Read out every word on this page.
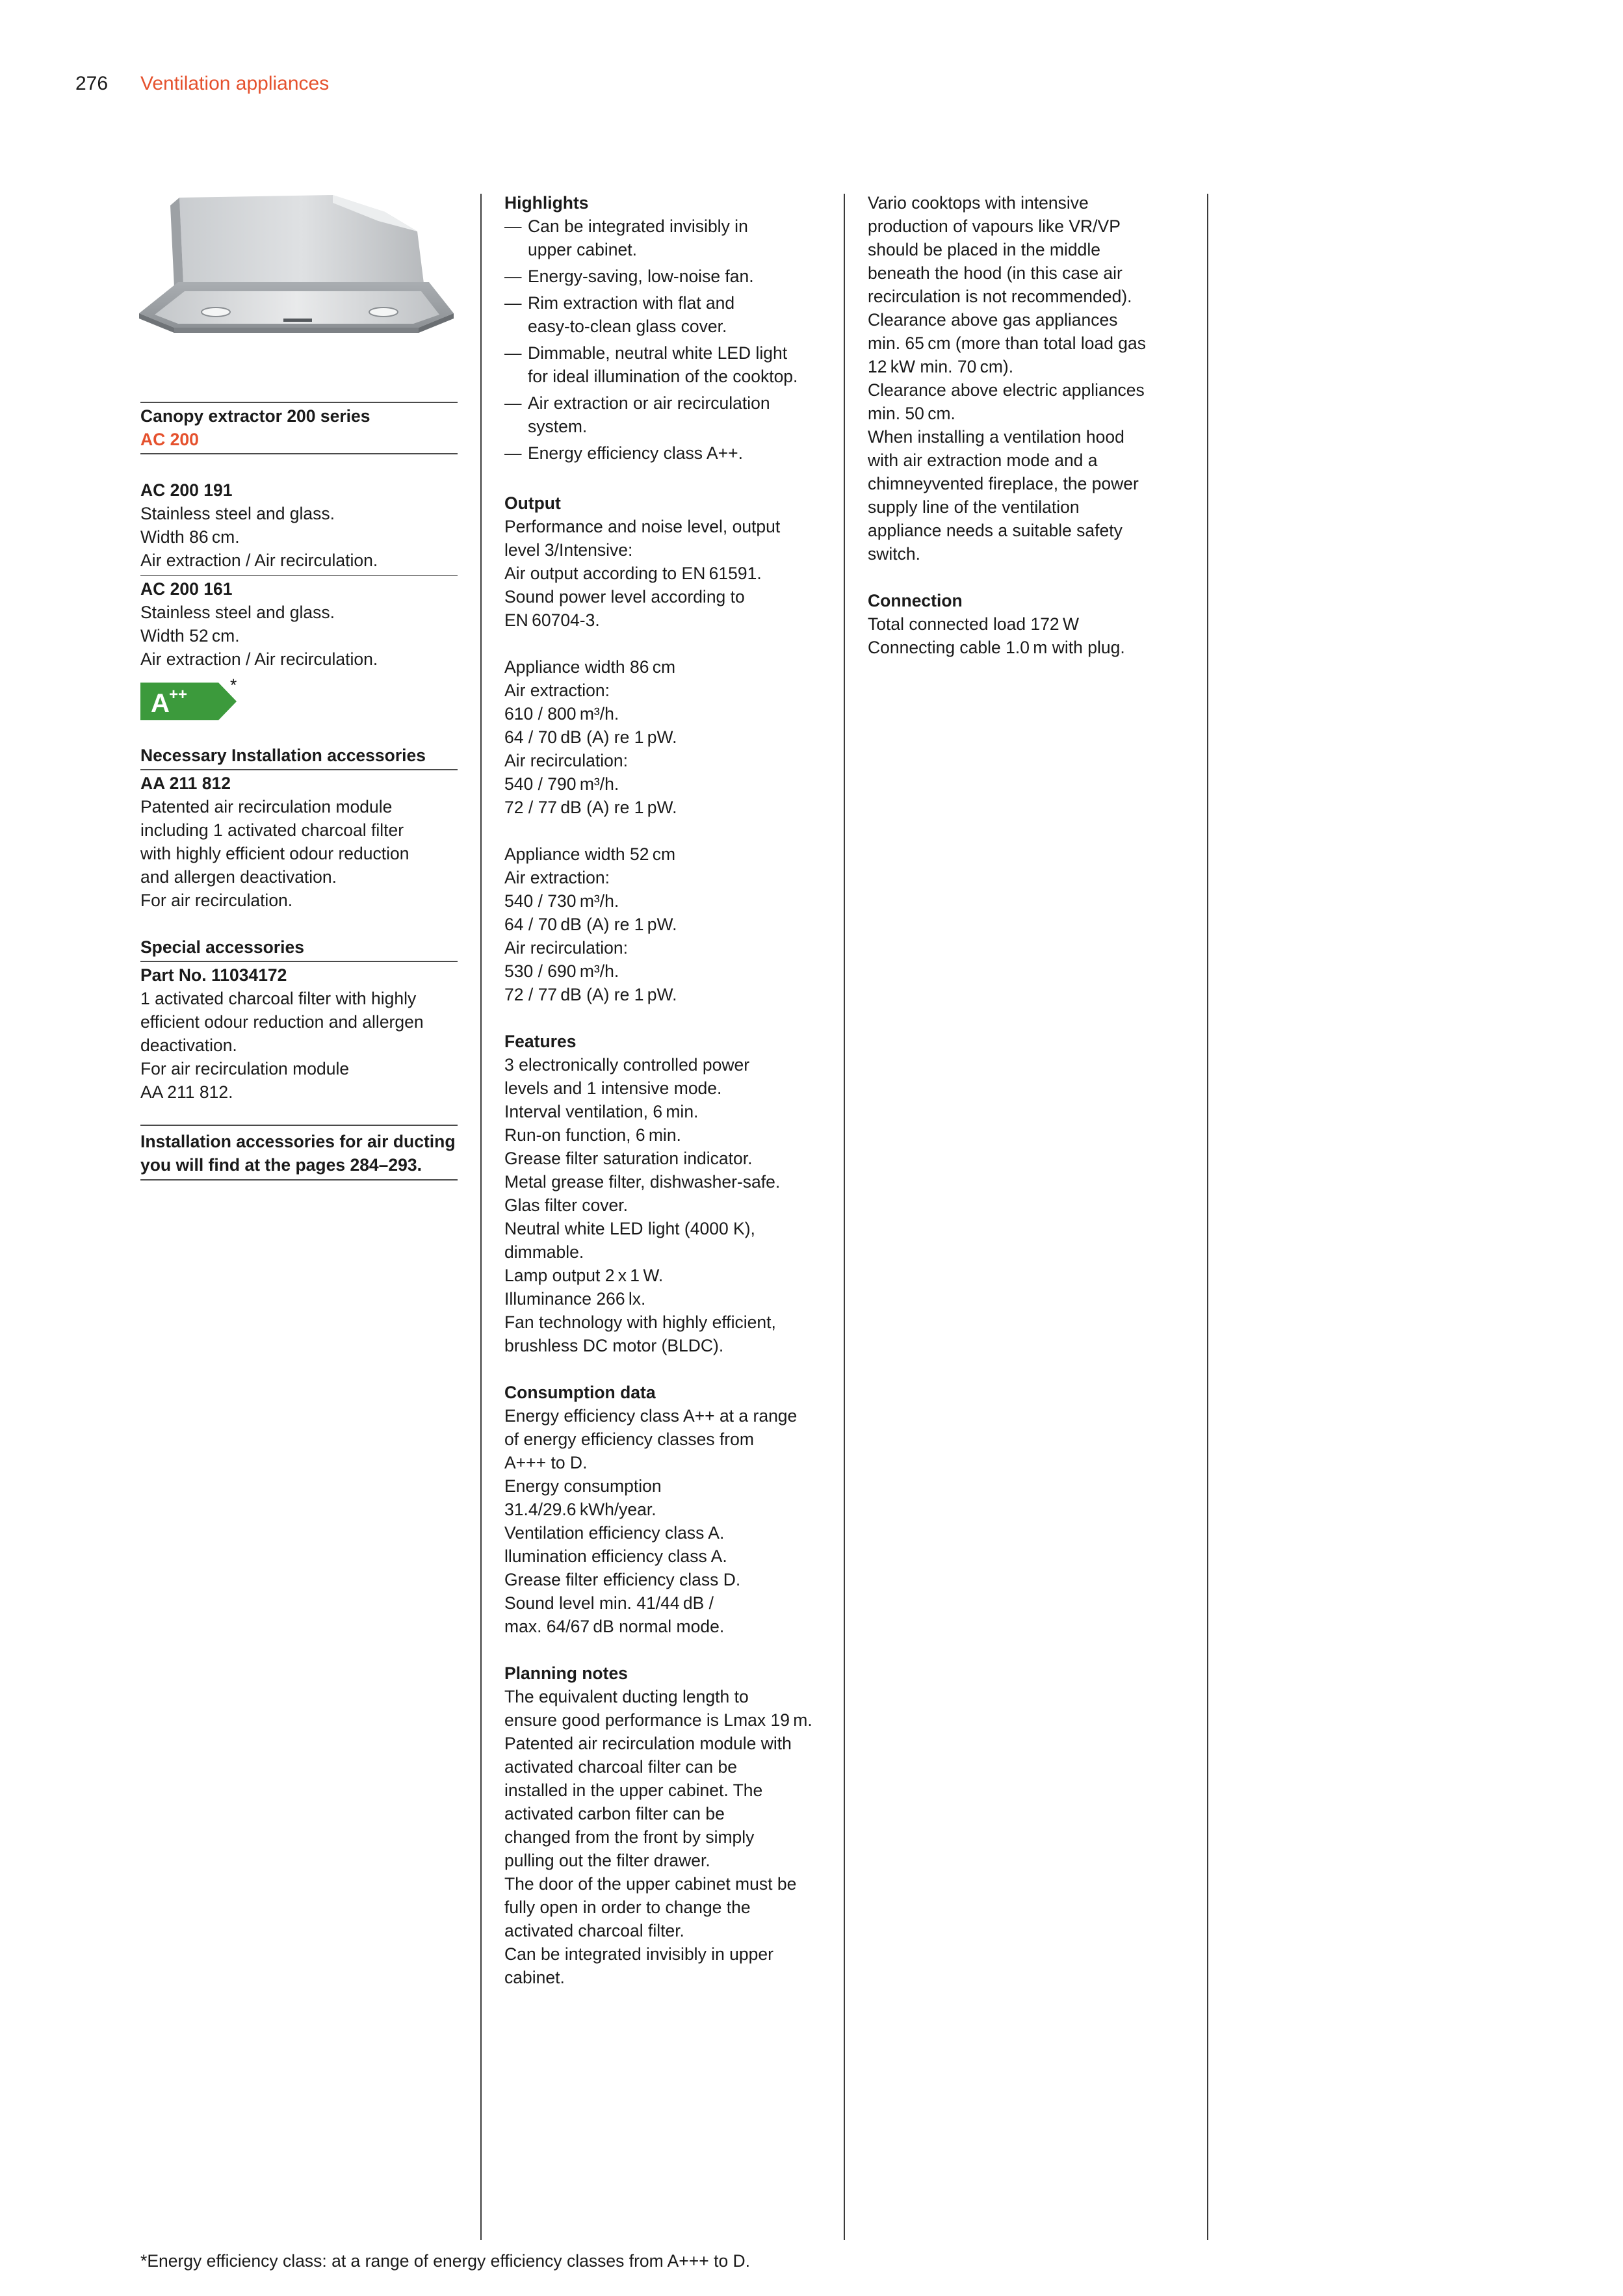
276 Ventilation appliances
Canopy extractor 200 series
AC 200
AC 200 191
Stainless steel and glass.
Width 86 cm.
Air extraction / Air recirculation.
AC 200 161
Stainless steel and glass.
Width 52 cm.
Air extraction / Air recirculation.
A ++ *
Necessary Installation accessories
AA 211 812
Patented air recirculation module
including 1 activated charcoal filter
with highly efficient odour reduction
and allergen deactivation.
For air recirculation.
Special accessories
Part No. 11034172
1 activated charcoal filter with highly
efficient odour reduction and allergen
deactivation.
For air recirculation module
AA 211 812.
Installation accessories for air ducting
you will find at the pages 284–293.
Highlights
— Can be integrated invisibly in
upper cabinet.
— Energy-saving, low-noise fan.
— Rim extraction with flat and
easy-to-clean glass cover.
— Dimmable, neutral white LED light
for ideal illumination of the cooktop.
— Air extraction or air recirculation
system.
— Energy efficiency class A++.
Output
Performance and noise level, output
level 3/Intensive:
Air output according to EN 61591.
Sound power level according to
EN 60704-3.
Appliance width 86 cm
Air extraction:
610 / 800 m³/h.
64 / 70 dB (A) re 1 pW.
Air recirculation:
540 / 790 m³/h.
72 / 77 dB (A) re 1 pW.
Appliance width 52 cm
Air extraction:
540 / 730 m³/h.
64 / 70 dB (A) re 1 pW.
Air recirculation:
530 / 690 m³/h.
72 / 77 dB (A) re 1 pW.
Features
3 electronically controlled power
levels and 1 intensive mode.
Interval ventilation, 6 min.
Run-on function, 6 min.
Grease filter saturation indicator.
Metal grease filter, dishwasher-safe.
Glas filter cover.
Neutral white LED light (4000 K),
dimmable.
Lamp output 2 x 1 W.
Illuminance 266 lx.
Fan technology with highly efficient,
brushless DC motor (BLDC).
Consumption data
Energy efficiency class A++ at a range
of energy efficiency classes from
A+++ to D.
Energy consumption
31.4/29.6 kWh/year.
Ventilation efficiency class A.
llumination efficiency class A.
Grease filter efficiency class D.
Sound level min. 41/44 dB /
max. 64/67 dB normal mode.
Planning notes
The equivalent ducting length to
ensure good performance is Lmax 19 m.
Patented air recirculation module with
activated charcoal filter can be
installed in the upper cabinet. The
activated carbon filter can be
changed from the front by simply
pulling out the filter drawer.
The door of the upper cabinet must be
fully open in order to change the
activated charcoal filter.
Can be integrated invisibly in upper
cabinet.
Vario cooktops with intensive
production of vapours like VR/VP
should be placed in the middle
beneath the hood (in this case air
recirculation is not recommended).
Clearance above gas appliances
min. 65 cm (more than total load gas
12 kW min. 70 cm).
Clearance above electric appliances
min. 50 cm.
When installing a ventilation hood
with air extraction mode and a
chimneyvented fireplace, the power
supply line of the ventilation
appliance needs a suitable safety
switch.
Connection
Total connected load 172 W
Connecting cable 1.0 m with plug.
*Energy efficiency class: at a range of energy efficiency classes from A+++ to D.
